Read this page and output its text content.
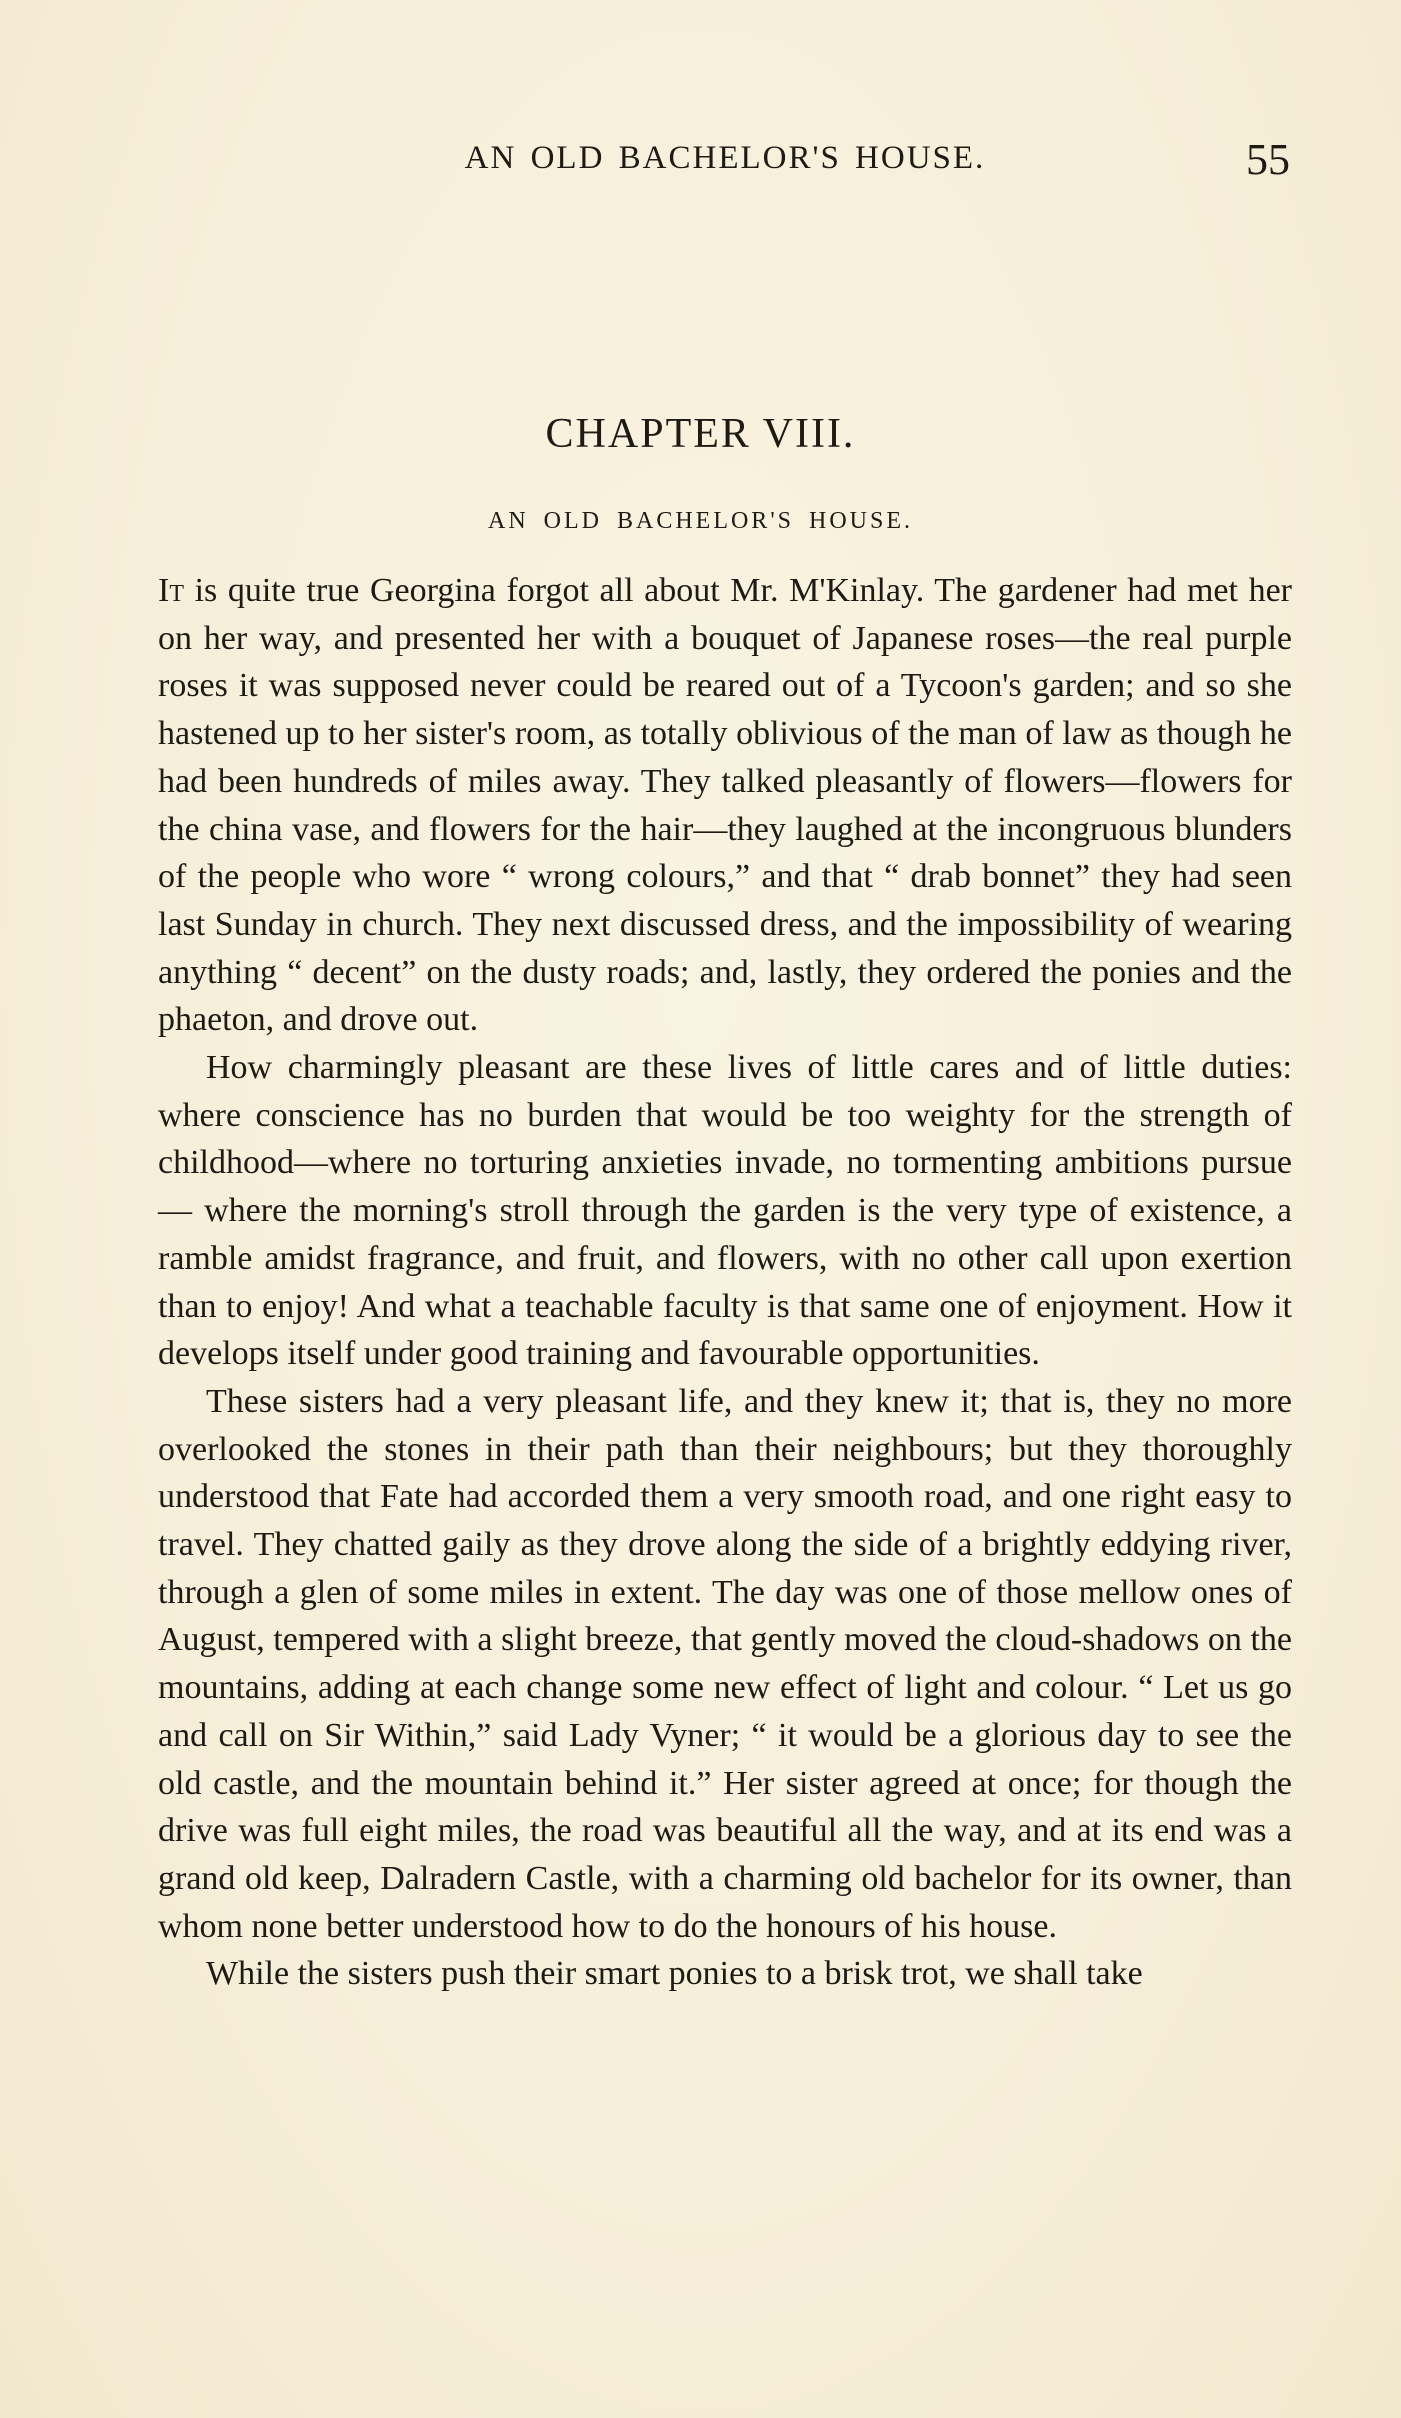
AN OLD BACHELOR'S HOUSE.	55
CHAPTER VIII.
AN OLD BACHELOR'S HOUSE.

It is quite true Georgina forgot all about Mr. M'Kinlay. The gardener had met her on her way, and presented her with a bouquet of Japanese roses—the real purple roses it was supposed never could be reared out of a Tycoon's garden; and so she hastened up to her sister's room, as totally oblivious of the man of law as though he had been hundreds of miles away. They talked pleasantly of flowers—flowers for the china vase, and flowers for the hair—they laughed at the incongruous blunders of the people who wore “ wrong colours,” and that “ drab bonnet” they had seen last Sunday in church. They next discussed dress, and the impossibility of wearing anything “ decent” on the dusty roads; and, lastly, they ordered the ponies and the phaeton, and drove out.

How charmingly pleasant are these lives of little cares and of little duties: where conscience has no burden that would be too weighty for the strength of childhood—where no torturing anxieties invade, no tormenting ambitions pursue — where the morning's stroll through the garden is the very type of existence, a ramble amidst fragrance, and fruit, and flowers, with no other call upon exertion than to enjoy! And what a teachable faculty is that same one of enjoyment. How it develops itself under good training and favourable opportunities.

These sisters had a very pleasant life, and they knew it; that is, they no more overlooked the stones in their path than their neighbours; but they thoroughly understood that Fate had accorded them a very smooth road, and one right easy to travel. They chatted gaily as they drove along the side of a brightly eddying river, through a glen of some miles in extent. The day was one of those mellow ones of August, tempered with a slight breeze, that gently moved the cloud-shadows on the mountains, adding at each change some new effect of light and colour. “ Let us go and call on Sir Within,” said Lady Vyner; “ it would be a glorious day to see the old castle, and the mountain behind it.” Her sister agreed at once; for though the drive was full eight miles, the road was beautiful all the way, and at its end was a grand old keep, Dalradern Castle, with a charming old bachelor for its owner, than whom none better understood how to do the honours of his house.

While the sisters push their smart ponies to a brisk trot, we shall take
